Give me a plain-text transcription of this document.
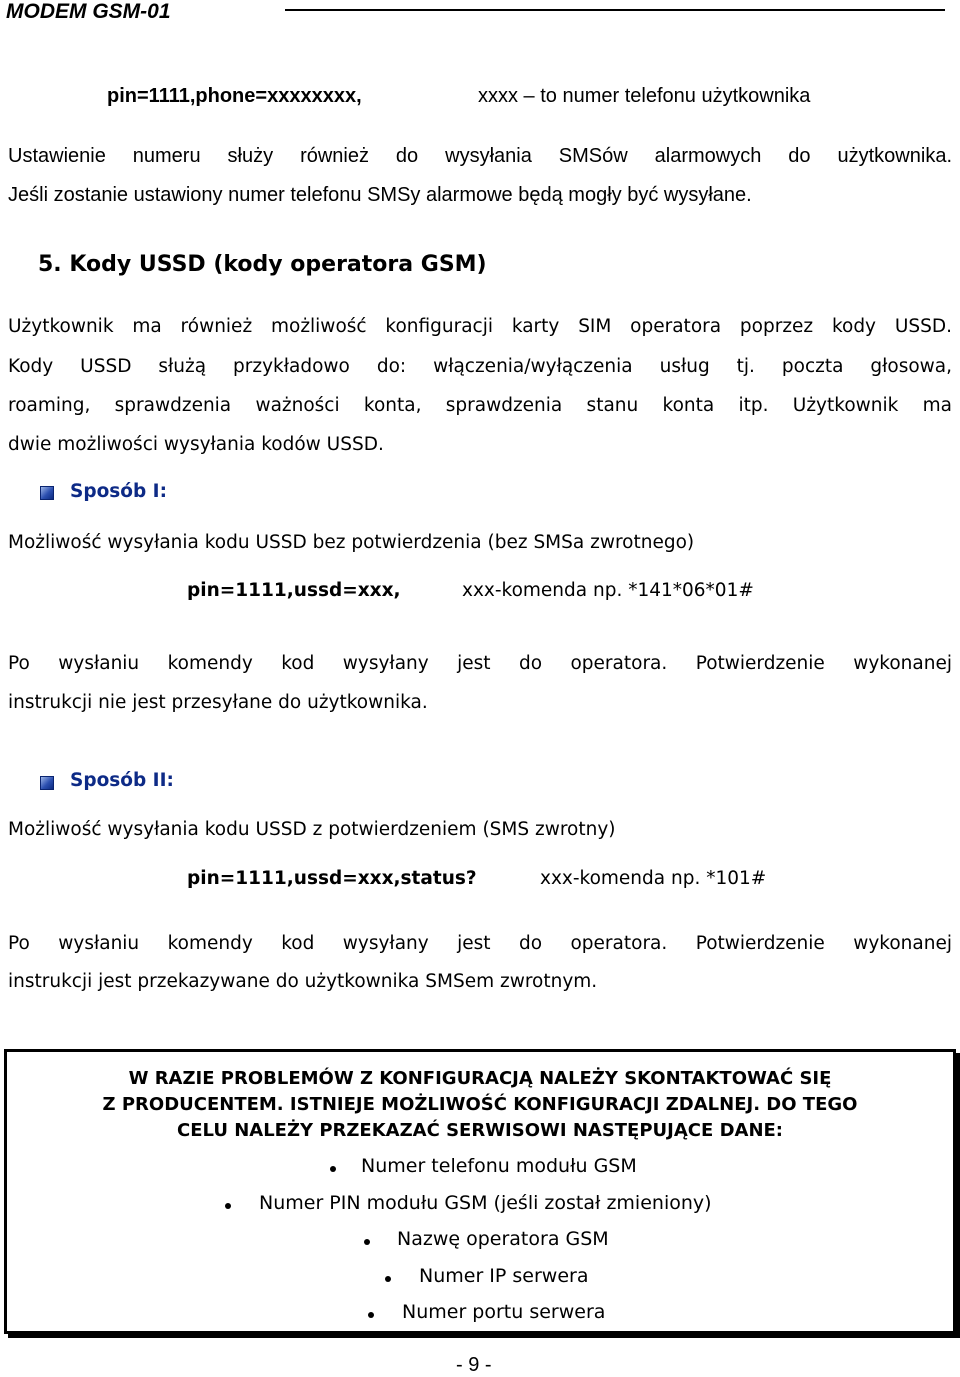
MODEM GSM-01
pin=1111,phone=xxxxxxxx,	xxxx – to numer telefonu użytkownika
Ustawienie numeru służy również do wysyłania SMSów alarmowych do użytkownika.
Jeśli zostanie ustawiony numer telefonu SMSy alarmowe będą mogły być wysyłane.
5. Kody USSD (kody operatora GSM)
Użytkownik ma również możliwość konfiguracji karty SIM operatora poprzez kody USSD.
Kody USSD służą przykładowo do: włączenia/wyłączenia usług tj. poczta głosowa,
roaming, sprawdzenia ważności konta, sprawdzenia stanu konta itp. Użytkownik ma
dwie możliwości wysyłania kodów USSD.
Sposób I:
Możliwość wysyłania kodu USSD bez potwierdzenia (bez SMSa zwrotnego)
pin=1111,ussd=xxx,	xxx-komenda np. *141*06*01#
Po wysłaniu komendy kod wysyłany jest do operatora. Potwierdzenie wykonanej
instrukcji nie jest przesyłane do użytkownika.
Sposób II:
Możliwość wysyłania kodu USSD z potwierdzeniem (SMS zwrotny)
pin=1111,ussd=xxx,status?	xxx-komenda np. *101#
Po wysłaniu komendy kod wysyłany jest do operatora. Potwierdzenie wykonanej
instrukcji jest przekazywane do użytkownika SMSem zwrotnym.
W RAZIE PROBLEMÓW Z KONFIGURACJĄ NALEŻY SKONTAKTOWAĆ SIĘ
Z PRODUCENTEM. ISTNIEJE MOŻLIWOŚĆ KONFIGURACJI ZDALNEJ. DO TEGO
CELU NALEŻY PRZEKAZAĆ SERWISOWI NASTĘPUJĄCE DANE:
Numer telefonu modułu GSM
Numer PIN modułu GSM (jeśli został zmieniony)
Nazwę operatora GSM
Numer IP serwera
Numer portu serwera
- 9 -
